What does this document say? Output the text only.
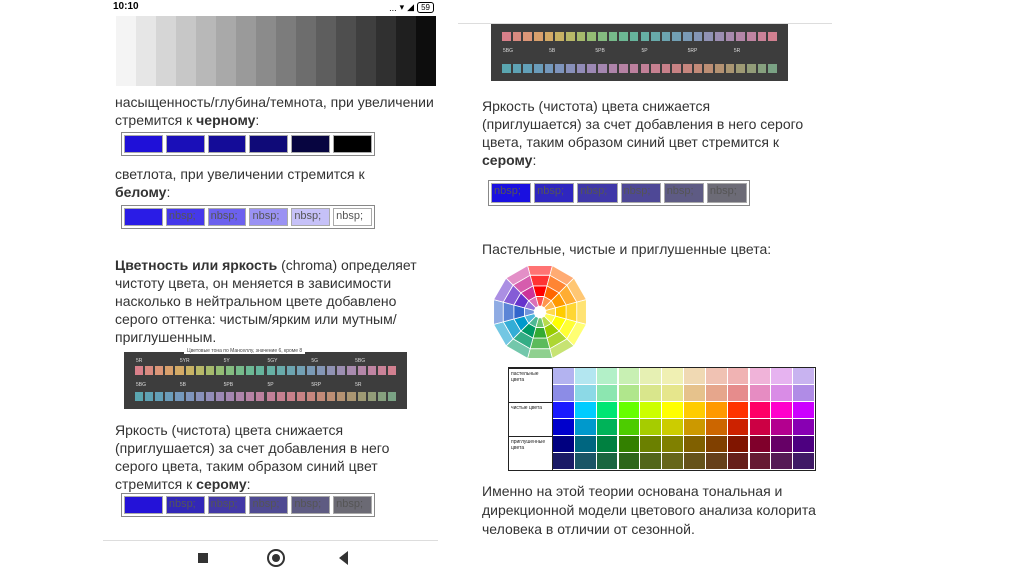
10:10	... ▾ ◢ 59
насыщенность/глубина/темнота, при увеличении стремится к черному:
светлота, при увеличении стремится к белому:
nbsp;	nbsp;	nbsp;	nbsp;	nbsp;
Цветность или яркость (chroma) определяет чистоту цвета, он меняется в зависимости насколько в нейтральном цвете добавлено серого оттенка: чистым/ярким или мутным/приглушенным.
Цветовые тона по Манселлу, значение 6, кроме 8
5R	5YR	5Y	5GY	5G	5BG
5BG	5B	5PB	5P	5RP	5R
Яркость (чистота) цвета снижается (приглушается) за счет добавления в него серого цвета, таким образом синий цвет стремится к серому:
nbsp;	nbsp;	nbsp;	nbsp;	nbsp;
5BG	5B	5PB	5P	5RP	5R
Яркость (чистота) цвета снижается (приглушается) за счет добавления в него серого цвета, таким образом синий цвет стремится к серому:
nbsp;	nbsp;	nbsp;	nbsp;	nbsp;	nbsp;
Пастельные, чистые и приглушенные цвета:
пастельные цвета
чистые цвета
приглушенные цвета
Именно на этой теории основана тональная и дирекционной модели цветового анализа колорита человека в отличии от сезонной.
